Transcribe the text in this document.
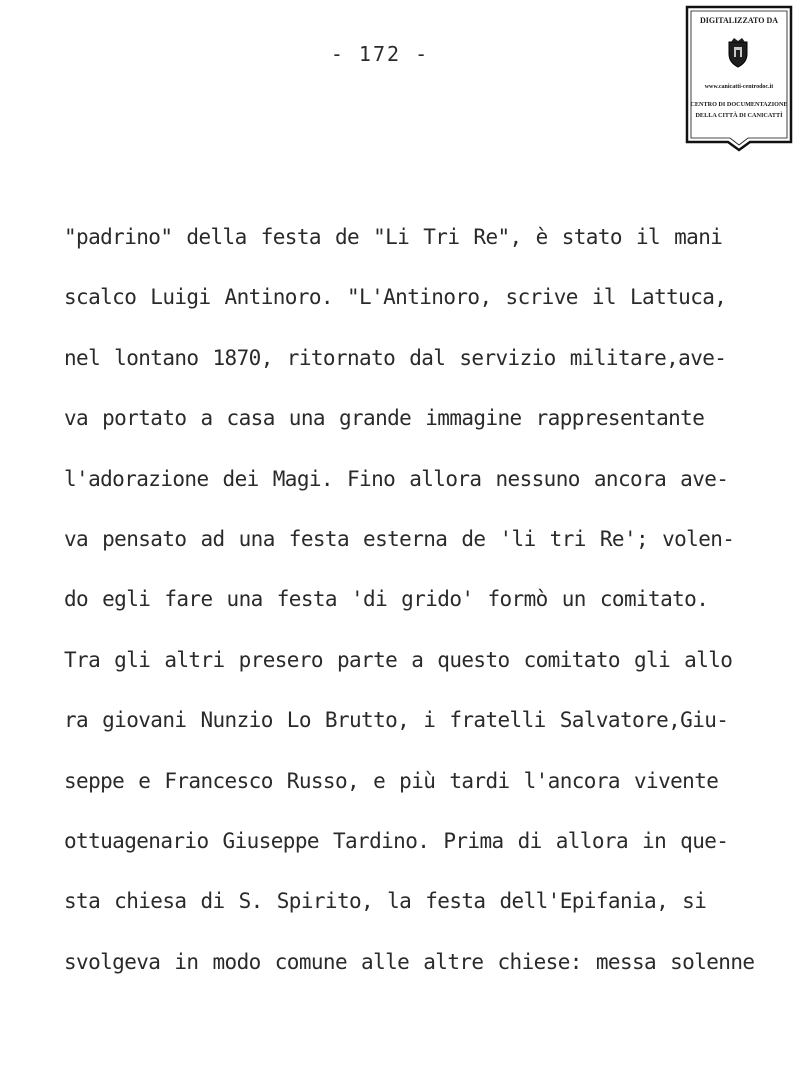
- 172 -
DIGITALIZZATO DA
www.canicatti-centrodoc.it
CENTRO DI DOCUMENTAZIONE
DELLA CITTÀ DI CANICATTÌ
"padrino" della festa de "Li Tri Re", è stato il mani
scalco Luigi Antinoro. "L'Antinoro, scrive il Lattuca,
nel lontano 1870, ritornato dal servizio militare,ave-
va portato a casa una grande immagine rappresentante
l'adorazione dei Magi. Fino allora nessuno ancora ave-
va pensato ad una festa esterna de 'li tri Re'; volen-
do egli fare una festa 'di grido' formò un comitato.
Tra gli altri presero parte a questo comitato gli allo
ra giovani Nunzio Lo Brutto, i fratelli Salvatore,Giu-
seppe e Francesco Russo, e più tardi l'ancora vivente
ottuagenario Giuseppe Tardino. Prima di allora in que-
sta chiesa di S. Spirito, la festa dell'Epifania, si
svolgeva in modo comune alle altre chiese: messa solenne
